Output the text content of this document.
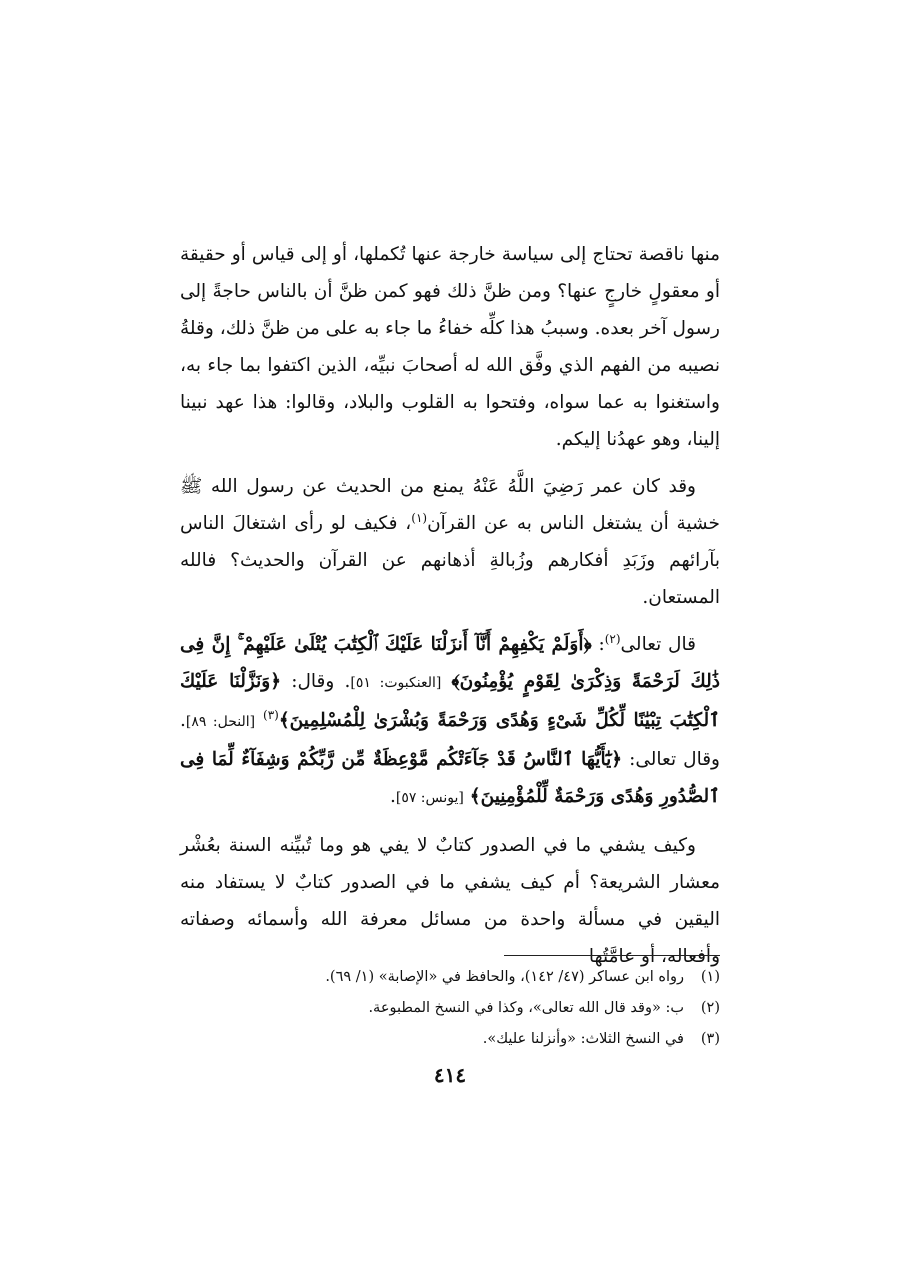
منها ناقصة تحتاج إلى سياسة خارجة عنها تُكملها، أو إلى قياس أو حقيقة أو معقولٍ خارجٍ عنها؟ ومن ظنَّ ذلك فهو كمن ظنَّ أن بالناس حاجةً إلى رسول آخر بعده. وسببُ هذا كلِّه خفاءُ ما جاء به على من ظنَّ ذلك، وقلةُ نصيبه من الفهم الذي وفَّق الله له أصحابَ نبيِّه، الذين اكتفوا بما جاء به، واستغنوا به عما سواه، وفتحوا به القلوب والبلاد، وقالوا: هذا عهد نبينا إلينا، وهو عهدُنا إليكم.

وقد كان عمر رَضِيَ اللَّهُ عَنْهُ يمنع من الحديث عن رسول الله ﷺ خشية أن يشتغل الناس به عن القرآن$^{(١)}$، فكيف لو رأى اشتغالَ الناس بآرائهم وزَبَدِ أفكارهم وزُبالةِ أذهانهم عن القرآن والحديث؟ فالله المستعان.

قال تعالى$^{(٢)}$: ﴿أَوَلَمْ يَكْفِهِمْ أَنَّآ أَنزَلْنَا عَلَيْكَ ٱلْكِتَٰبَ يُتْلَىٰ عَلَيْهِمْ ۚ إِنَّ فِى ذَٰلِكَ لَرَحْمَةً وَذِكْرَىٰ لِقَوْمٍ يُؤْمِنُونَ﴾ [العنكبوت: ٥١]. وقال: ﴿وَنَزَّلْنَا عَلَيْكَ ٱلْكِتَٰبَ تِبْيَٰنًا لِّكُلِّ شَىْءٍ وَهُدًى وَرَحْمَةً وَبُشْرَىٰ لِلْمُسْلِمِينَ﴾$^{(٣)}$ [النحل: ٨٩]. وقال تعالى: ﴿يَٰٓأَيُّهَا ٱلنَّاسُ قَدْ جَآءَتْكُم مَّوْعِظَةٌ مِّن رَّبِّكُمْ وَشِفَآءٌ لِّمَا فِى ٱلصُّدُورِ وَهُدًى وَرَحْمَةٌ لِّلْمُؤْمِنِينَ﴾ [يونس: ٥٧].

وكيف يشفي ما في الصدور كتابٌ لا يفي هو وما تُبيِّنه السنة بعُشْر معشار الشريعة؟ أم كيف يشفي ما في الصدور كتابٌ لا يستفاد منه اليقين في مسألة واحدة من مسائل معرفة الله وأسمائه وصفاته وأفعاله، أو عامَّتُها

(١)رواه ابن عساكر (٤٧/ ١٤٢)، والحافظ في «الإصابة» (١/ ٦٩).
(٢)ب: «وقد قال الله تعالى»، وكذا في النسخ المطبوعة.
(٣)في النسخ الثلاث: «وأنزلنا عليك».
٤١٤
